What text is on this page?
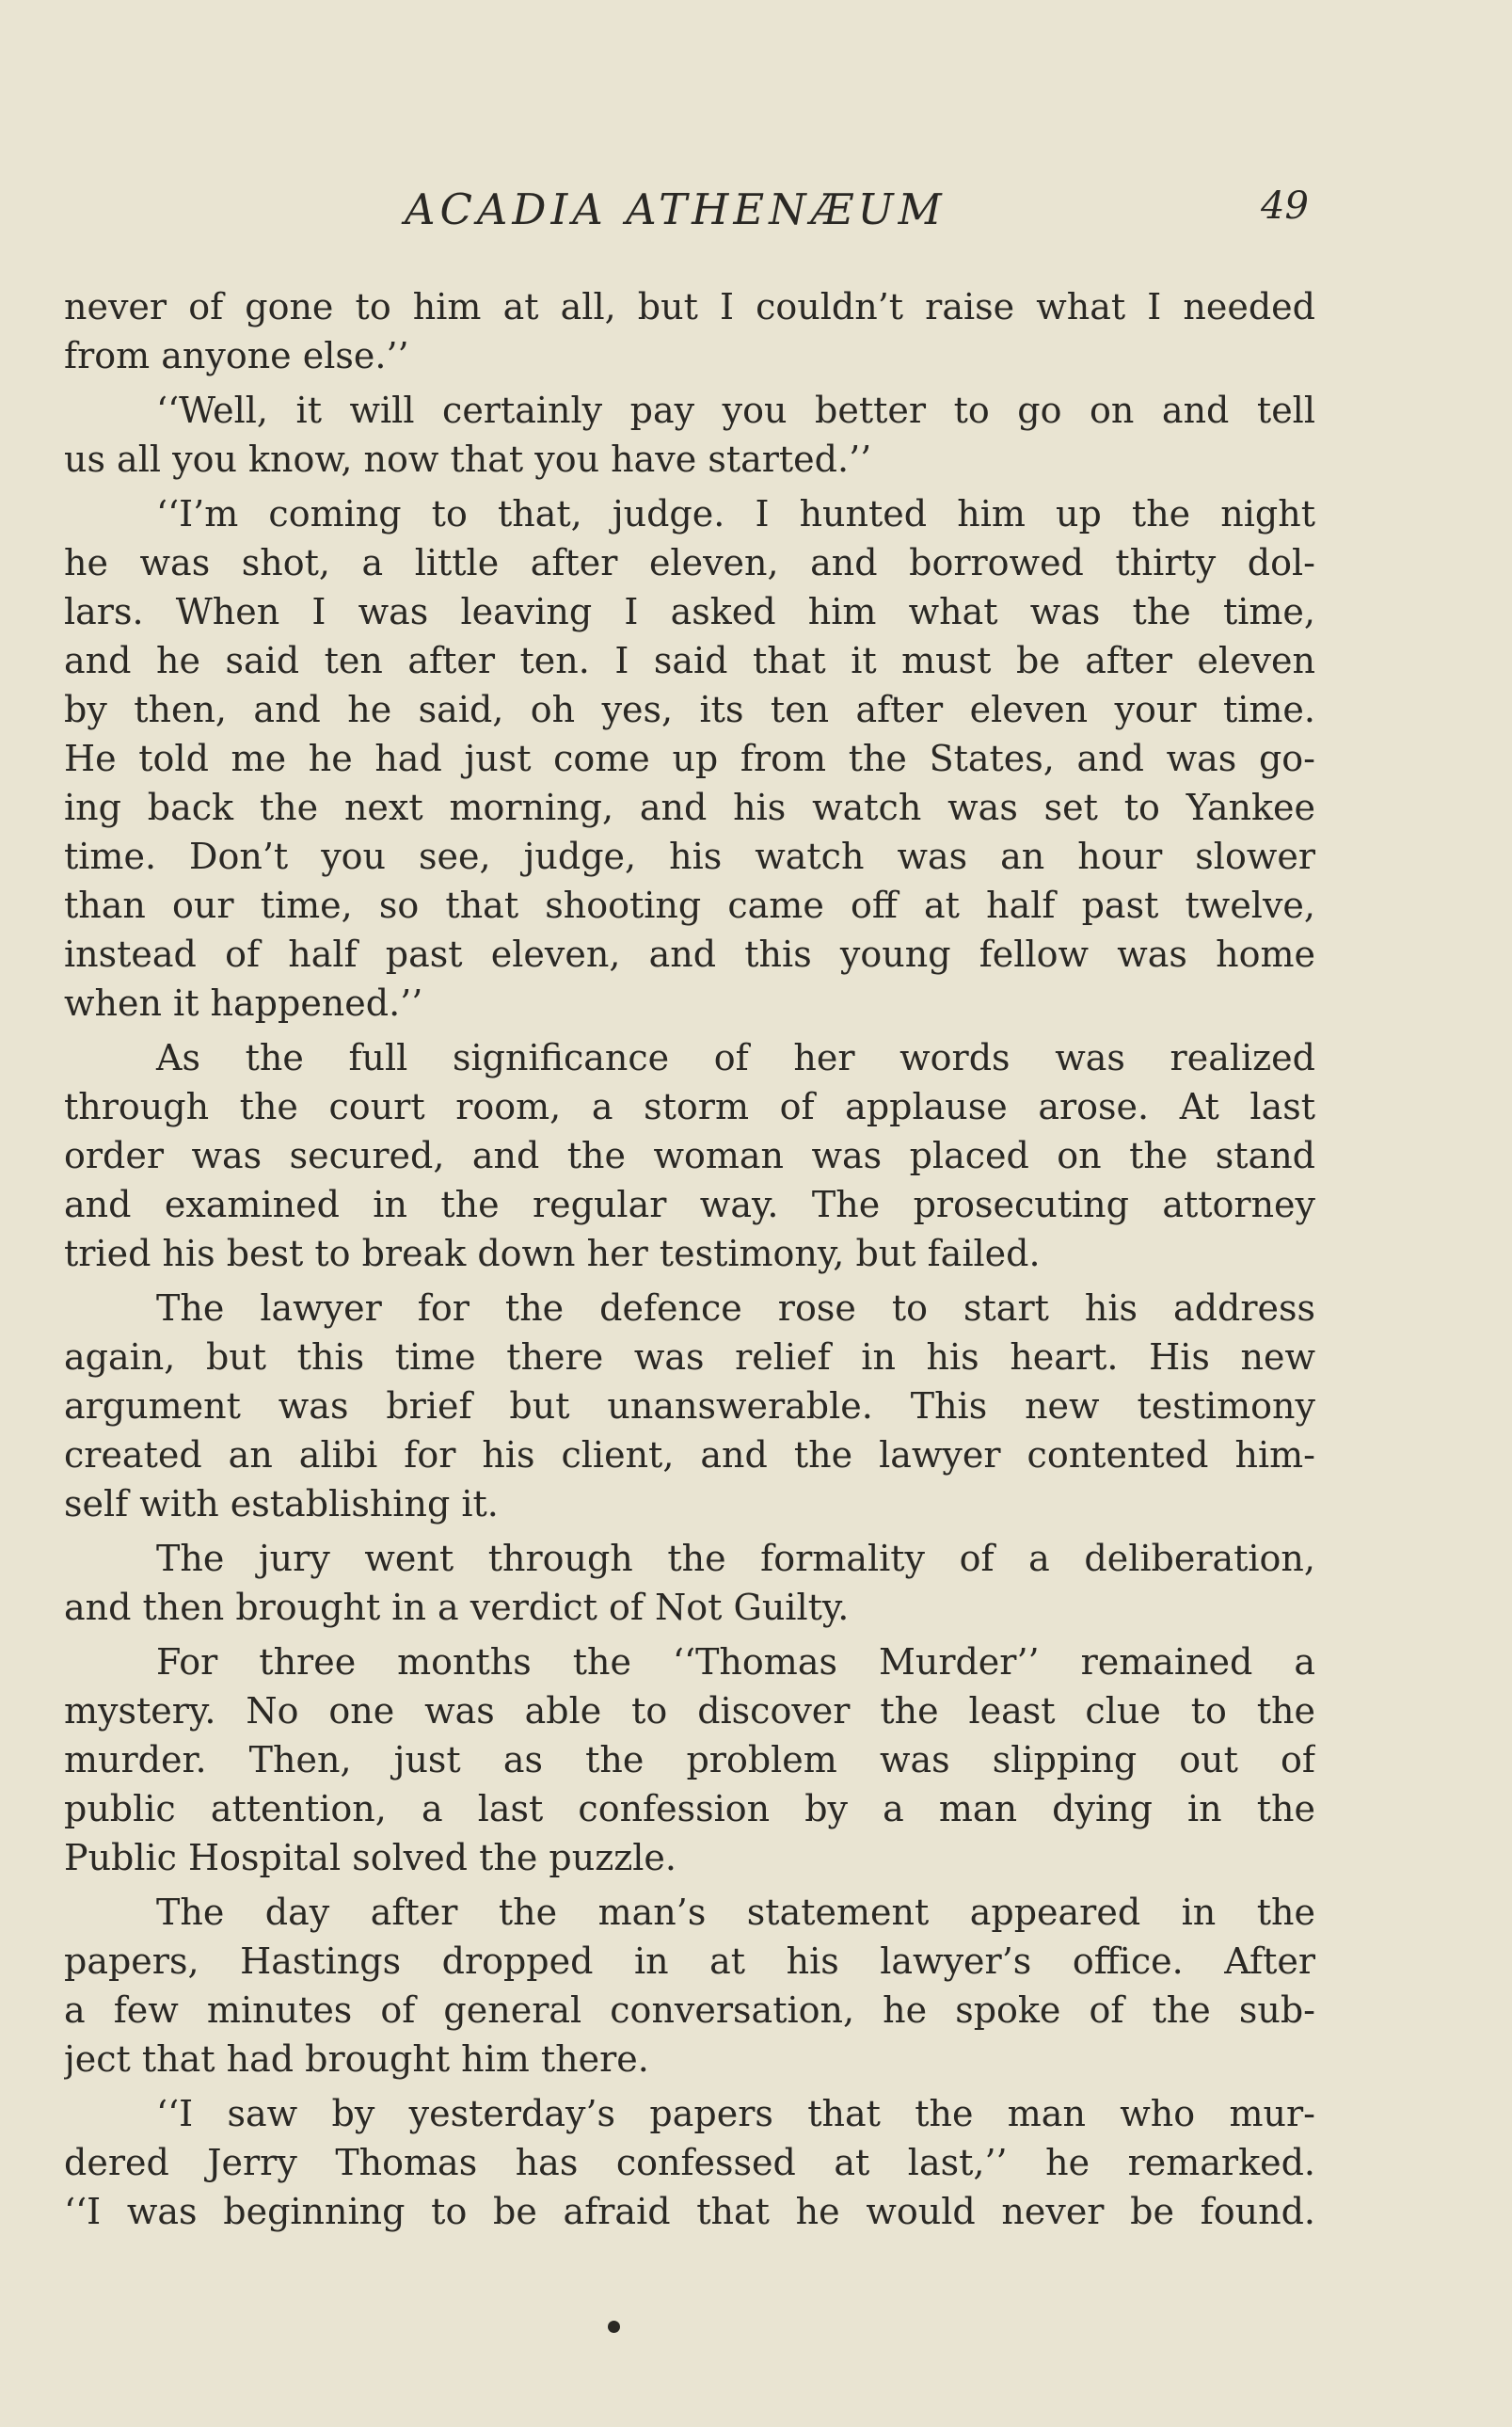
ACADIA ATHENÆUM	49
never of gone to him at all, but I couldn’t raise what I needed
from anyone else.’’
‘‘Well, it will certainly pay you better to go on and tell
us all you know, now that you have started.’’
‘‘I’m coming to that, judge. I hunted him up the night
he was shot, a little after eleven, and borrowed thirty dol-
lars. When I was leaving I asked him what was the time,
and he said ten after ten. I said that it must be after eleven
by then, and he said, oh yes, its ten after eleven your time.
He told me he had just come up from the States, and was go-
ing back the next morning, and his watch was set to Yankee
time. Don’t you see, judge, his watch was an hour slower
than our time, so that shooting came off at half past twelve,
instead of half past eleven, and this young fellow was home
when it happened.’’
As the full significance of her words was realized
through the court room, a storm of applause arose. At last
order was secured, and the woman was placed on the stand
and examined in the regular way. The prosecuting attorney
tried his best to break down her testimony, but failed.
The lawyer for the defence rose to start his address
again, but this time there was relief in his heart. His new
argument was brief but unanswerable. This new testimony
created an alibi for his client, and the lawyer contented him-
self with establishing it.
The jury went through the formality of a deliberation,
and then brought in a verdict of Not Guilty.
For three months the ‘‘Thomas Murder’’ remained a
mystery. No one was able to discover the least clue to the
murder. Then, just as the problem was slipping out of
public attention, a last confession by a man dying in the
Public Hospital solved the puzzle.
The day after the man’s statement appeared in the
papers, Hastings dropped in at his lawyer’s office. After
a few minutes of general conversation, he spoke of the sub-
ject that had brought him there.
‘‘I saw by yesterday’s papers that the man who mur-
dered Jerry Thomas has confessed at last,’’ he remarked.
‘‘I was beginning to be afraid that he would never be found.
